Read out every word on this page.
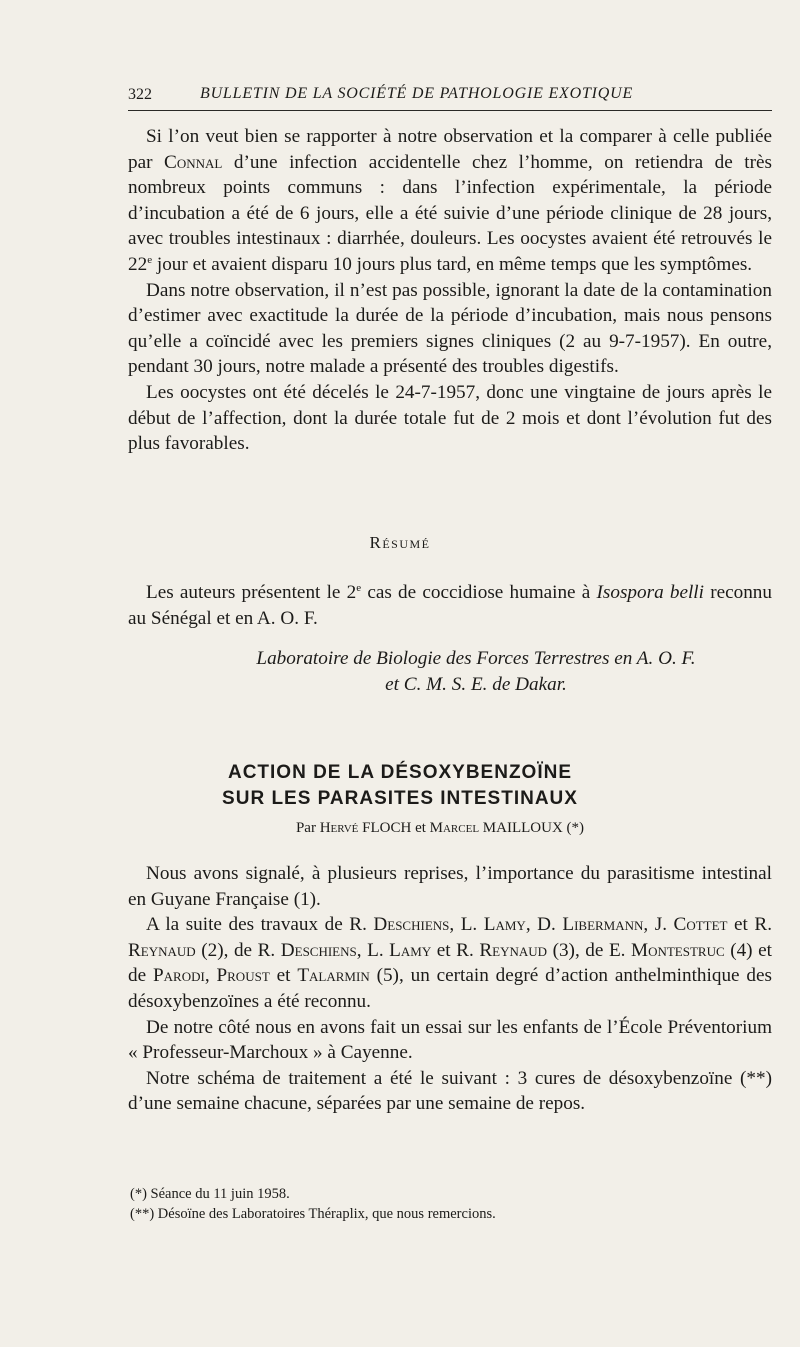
322	BULLETIN DE LA SOCIÉTÉ DE PATHOLOGIE EXOTIQUE

Si l’on veut bien se rapporter à notre observation et la comparer à celle publiée par Connal d’une infection accidentelle chez l’homme, on retiendra de très nombreux points communs : dans l’infection expérimentale, la période d’incubation a été de 6 jours, elle a été suivie d’une période clinique de 28 jours, avec troubles intestinaux : diarrhée, douleurs. Les oocystes avaient été retrouvés le 22e jour et avaient disparu 10 jours plus tard, en même temps que les symptômes.

Dans notre observation, il n’est pas possible, ignorant la date de la contamination d’estimer avec exactitude la durée de la période d’incubation, mais nous pensons qu’elle a coïncidé avec les premiers signes cliniques (2 au 9-7-1957). En outre, pendant 30 jours, notre malade a présenté des troubles digestifs.

Les oocystes ont été décelés le 24-7-1957, donc une vingtaine de jours après le début de l’affection, dont la durée totale fut de 2 mois et dont l’évolution fut des plus favorables.

Résumé

Les auteurs présentent le 2e cas de coccidiose humaine à Isospora belli reconnu au Sénégal et en A. O. F.

Laboratoire de Biologie des Forces Terrestres en A. O. F.
et C. M. S. E. de Dakar.
ACTION DE LA DÉSOXYBENZOÏNE
SUR LES PARASITES INTESTINAUX
Par Hervé FLOCH et Marcel MAILLOUX (*)

Nous avons signalé, à plusieurs reprises, l’importance du parasitisme intestinal en Guyane Française (1).

A la suite des travaux de R. Deschiens, L. Lamy, D. Libermann, J. Cottet et R. Reynaud (2), de R. Deschiens, L. Lamy et R. Reynaud (3), de E. Montestruc (4) et de Parodi, Proust et Talarmin (5), un certain degré d’action anthelminthique des désoxybenzoïnes a été reconnu.

De notre côté nous en avons fait un essai sur les enfants de l’École Préventorium « Professeur-Marchoux » à Cayenne.

Notre schéma de traitement a été le suivant : 3 cures de désoxybenzoïne (**) d’une semaine chacune, séparées par une semaine de repos.

(*) Séance du 11 juin 1958.
(**) Désoïne des Laboratoires Théraplix, que nous remercions.
